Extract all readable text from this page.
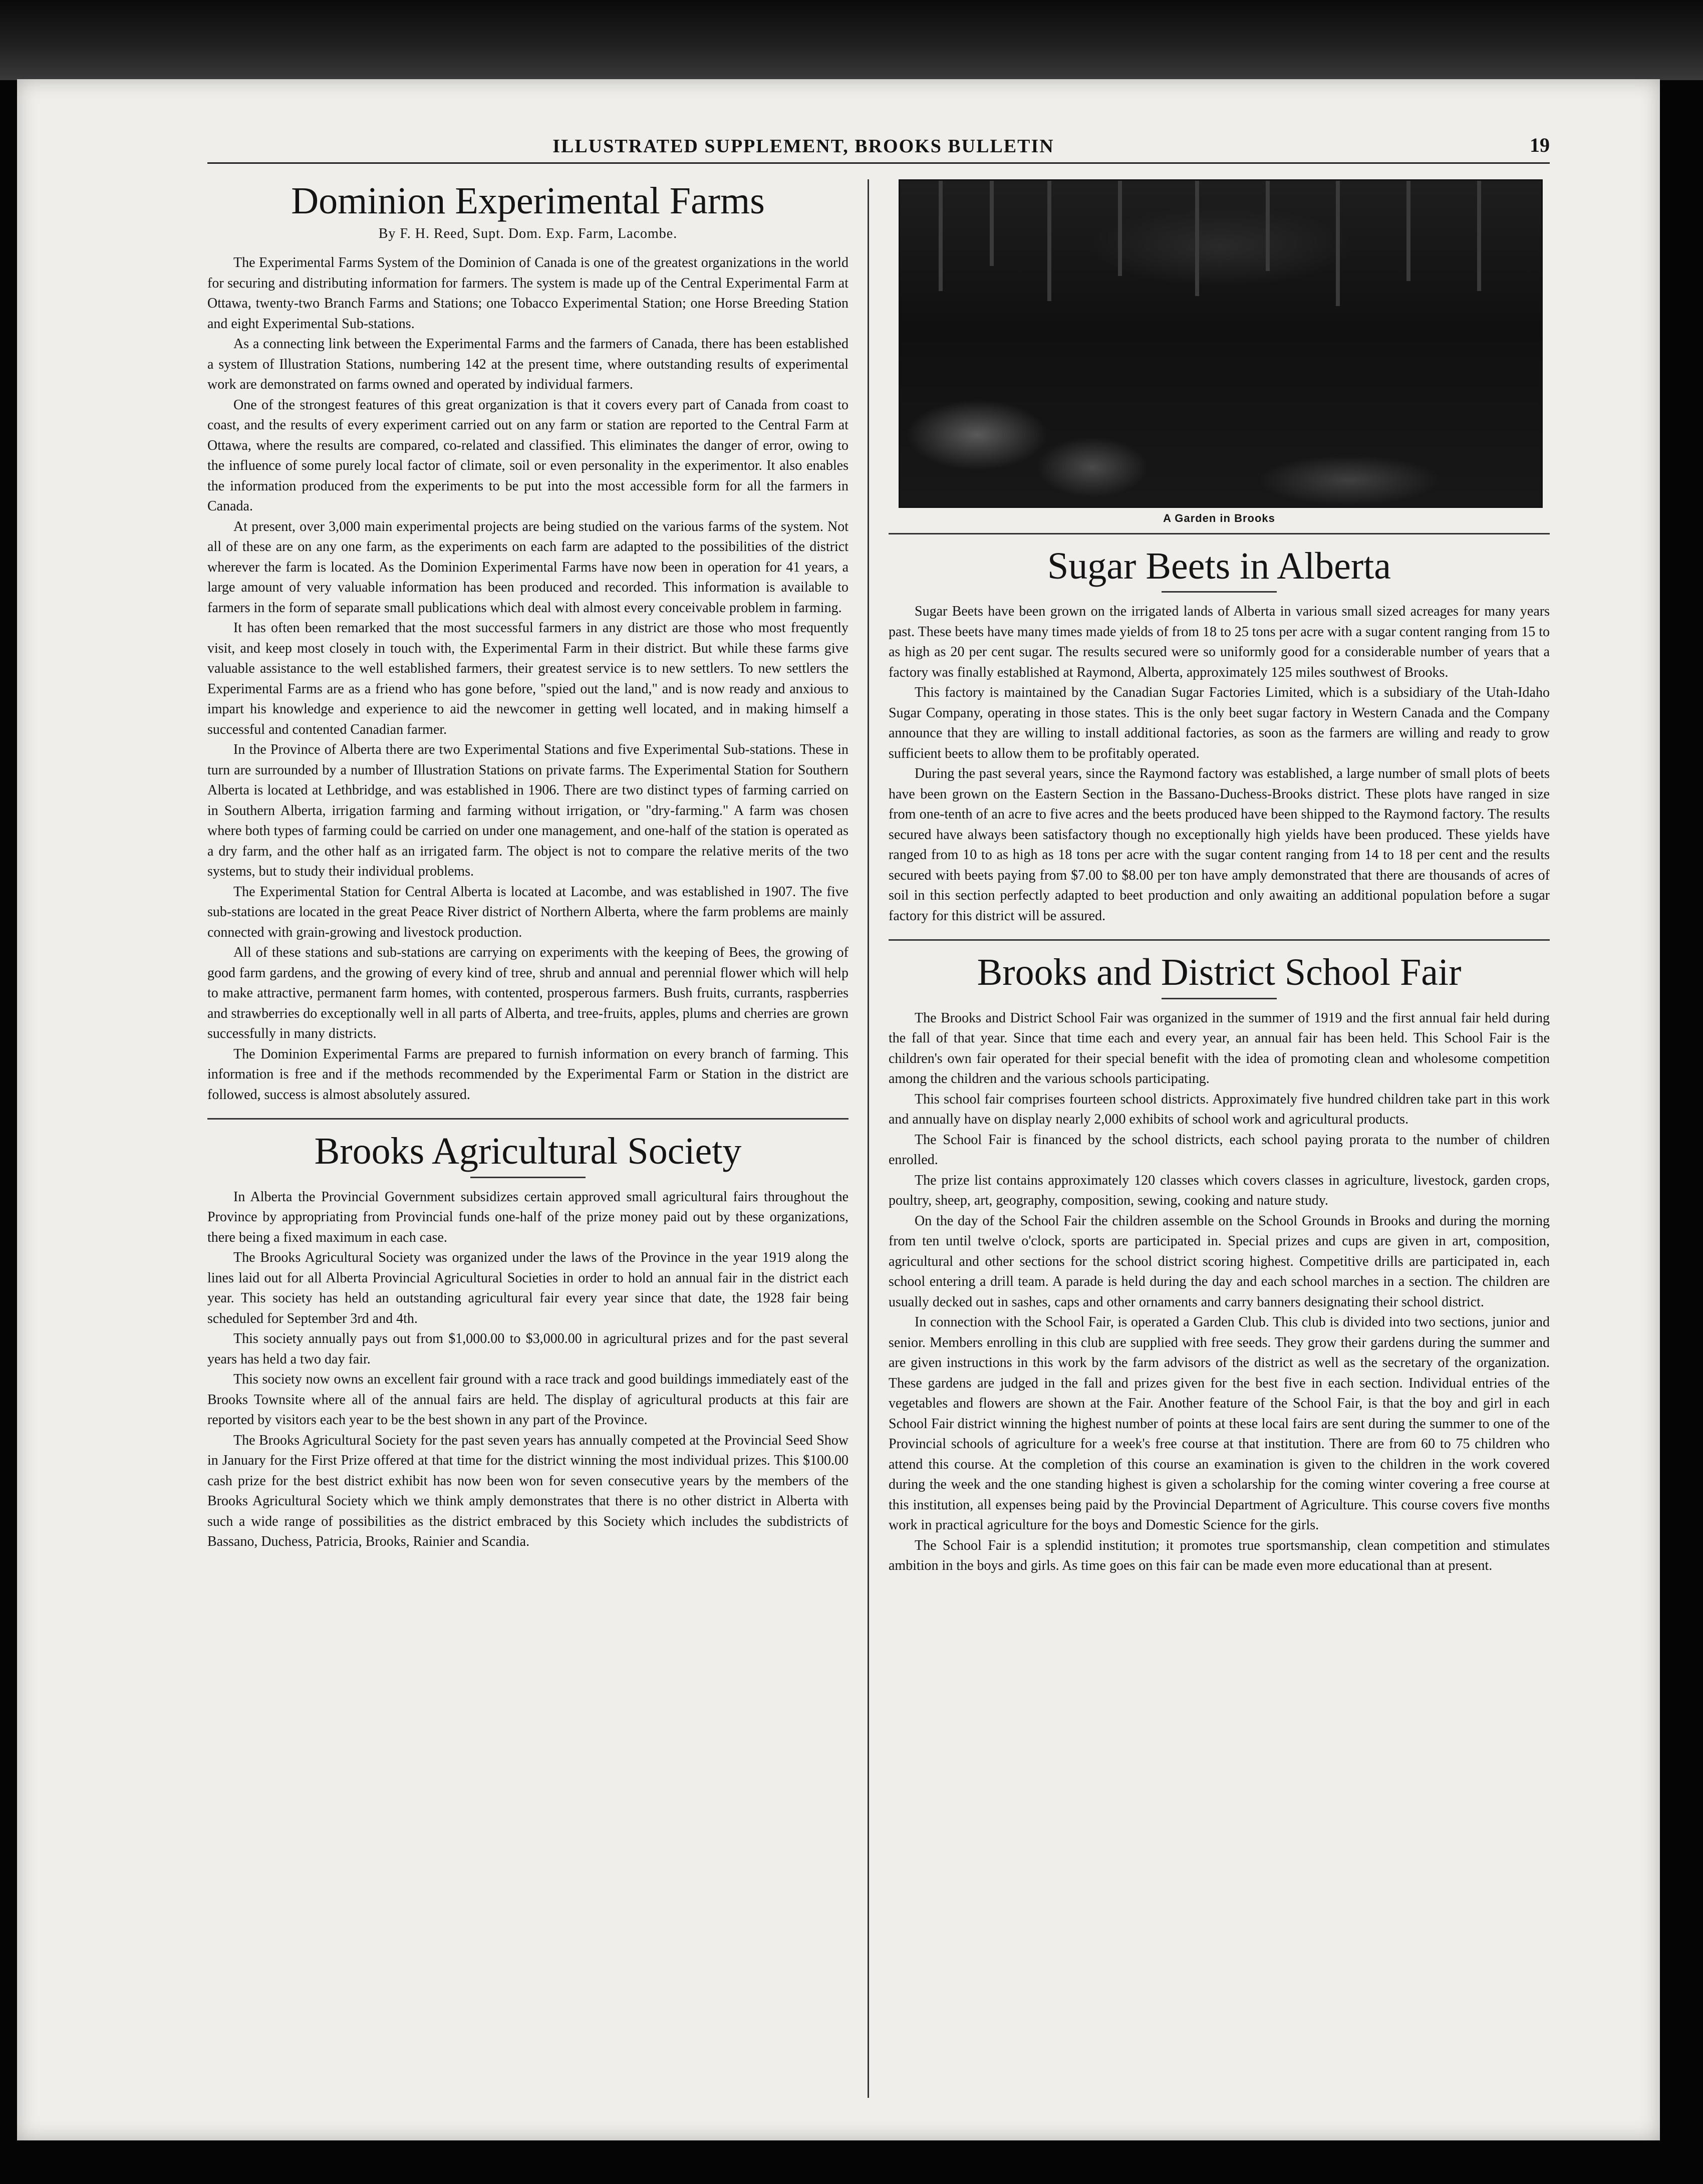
ILLUSTRATED SUPPLEMENT, BROOKS BULLETIN	19
Dominion Experimental Farms
By F. H. Reed, Supt. Dom. Exp. Farm, Lacombe.

The Experimental Farms System of the Dominion of Canada is one of the greatest organizations in the world for securing and distributing information for farmers. The system is made up of the Central Experimental Farm at Ottawa, twenty-two Branch Farms and Stations; one Tobacco Experimental Station; one Horse Breeding Station and eight Experimental Sub-stations.

As a connecting link between the Experimental Farms and the farmers of Canada, there has been established a system of Illustration Stations, numbering 142 at the present time, where outstanding results of experimental work are demonstrated on farms owned and operated by individual farmers.

One of the strongest features of this great organization is that it covers every part of Canada from coast to coast, and the results of every experiment carried out on any farm or station are reported to the Central Farm at Ottawa, where the results are compared, co-related and classified. This eliminates the danger of error, owing to the influence of some purely local factor of climate, soil or even personality in the experimentor. It also enables the information produced from the experiments to be put into the most accessible form for all the farmers in Canada.

At present, over 3,000 main experimental projects are being studied on the various farms of the system. Not all of these are on any one farm, as the experiments on each farm are adapted to the possibilities of the district wherever the farm is located. As the Dominion Experimental Farms have now been in operation for 41 years, a large amount of very valuable information has been produced and recorded. This information is available to farmers in the form of separate small publications which deal with almost every conceivable problem in farming.

It has often been remarked that the most successful farmers in any district are those who most frequently visit, and keep most closely in touch with, the Experimental Farm in their district. But while these farms give valuable assistance to the well established farmers, their greatest service is to new settlers. To new settlers the Experimental Farms are as a friend who has gone before, "spied out the land," and is now ready and anxious to impart his knowledge and experience to aid the newcomer in getting well located, and in making himself a successful and contented Canadian farmer.

In the Province of Alberta there are two Experimental Stations and five Experimental Sub-stations. These in turn are surrounded by a number of Illustration Stations on private farms. The Experimental Station for Southern Alberta is located at Lethbridge, and was established in 1906. There are two distinct types of farming carried on in Southern Alberta, irrigation farming and farming without irrigation, or "dry-farming." A farm was chosen where both types of farming could be carried on under one management, and one-half of the station is operated as a dry farm, and the other half as an irrigated farm. The object is not to compare the relative merits of the two systems, but to study their individual problems.

The Experimental Station for Central Alberta is located at Lacombe, and was established in 1907. The five sub-stations are located in the great Peace River district of Northern Alberta, where the farm problems are mainly connected with grain-growing and livestock production.

All of these stations and sub-stations are carrying on experiments with the keeping of Bees, the growing of good farm gardens, and the growing of every kind of tree, shrub and annual and perennial flower which will help to make attractive, permanent farm homes, with contented, prosperous farmers. Bush fruits, currants, raspberries and strawberries do exceptionally well in all parts of Alberta, and tree-fruits, apples, plums and cherries are grown successfully in many districts.

The Dominion Experimental Farms are prepared to furnish information on every branch of farming. This information is free and if the methods recommended by the Experimental Farm or Station in the district are followed, success is almost absolutely assured.

Brooks Agricultural Society

In Alberta the Provincial Government subsidizes certain approved small agricultural fairs throughout the Province by appropriating from Provincial funds one-half of the prize money paid out by these organizations, there being a fixed maximum in each case.

The Brooks Agricultural Society was organized under the laws of the Province in the year 1919 along the lines laid out for all Alberta Provincial Agricultural Societies in order to hold an annual fair in the district each year. This society has held an outstanding agricultural fair every year since that date, the 1928 fair being scheduled for September 3rd and 4th.

This society annually pays out from $1,000.00 to $3,000.00 in agricultural prizes and for the past several years has held a two day fair.

This society now owns an excellent fair ground with a race track and good buildings immediately east of the Brooks Townsite where all of the annual fairs are held. The display of agricultural products at this fair are reported by visitors each year to be the best shown in any part of the Province.

The Brooks Agricultural Society for the past seven years has annually competed at the Provincial Seed Show in January for the First Prize offered at that time for the district winning the most individual prizes. This $100.00 cash prize for the best district exhibit has now been won for seven consecutive years by the members of the Brooks Agricultural Society which we think amply demonstrates that there is no other district in Alberta with such a wide range of possibilities as the district embraced by this Society which includes the subdistricts of Bassano, Duchess, Patricia, Brooks, Rainier and Scandia.

A Garden in Brooks
Sugar Beets in Alberta

Sugar Beets have been grown on the irrigated lands of Alberta in various small sized acreages for many years past. These beets have many times made yields of from 18 to 25 tons per acre with a sugar content ranging from 15 to as high as 20 per cent sugar. The results secured were so uniformly good for a considerable number of years that a factory was finally established at Raymond, Alberta, approximately 125 miles southwest of Brooks.

This factory is maintained by the Canadian Sugar Factories Limited, which is a subsidiary of the Utah-Idaho Sugar Company, operating in those states. This is the only beet sugar factory in Western Canada and the Company announce that they are willing to install additional factories, as soon as the farmers are willing and ready to grow sufficient beets to allow them to be profitably operated.

During the past several years, since the Raymond factory was established, a large number of small plots of beets have been grown on the Eastern Section in the Bassano-Duchess-Brooks district. These plots have ranged in size from one-tenth of an acre to five acres and the beets produced have been shipped to the Raymond factory. The results secured have always been satisfactory though no exceptionally high yields have been produced. These yields have ranged from 10 to as high as 18 tons per acre with the sugar content ranging from 14 to 18 per cent and the results secured with beets paying from $7.00 to $8.00 per ton have amply demonstrated that there are thousands of acres of soil in this section perfectly adapted to beet production and only awaiting an additional population before a sugar factory for this district will be assured.

Brooks and District School Fair

The Brooks and District School Fair was organized in the summer of 1919 and the first annual fair held during the fall of that year. Since that time each and every year, an annual fair has been held. This School Fair is the children's own fair operated for their special benefit with the idea of promoting clean and wholesome competition among the children and the various schools participating.

This school fair comprises fourteen school districts. Approximately five hundred children take part in this work and annually have on display nearly 2,000 exhibits of school work and agricultural products.

The School Fair is financed by the school districts, each school paying prorata to the number of children enrolled.

The prize list contains approximately 120 classes which covers classes in agriculture, livestock, garden crops, poultry, sheep, art, geography, composition, sewing, cooking and nature study.

On the day of the School Fair the children assemble on the School Grounds in Brooks and during the morning from ten until twelve o'clock, sports are participated in. Special prizes and cups are given in art, composition, agricultural and other sections for the school district scoring highest. Competitive drills are participated in, each school entering a drill team. A parade is held during the day and each school marches in a section. The children are usually decked out in sashes, caps and other ornaments and carry banners designating their school district.

In connection with the School Fair, is operated a Garden Club. This club is divided into two sections, junior and senior. Members enrolling in this club are supplied with free seeds. They grow their gardens during the summer and are given instructions in this work by the farm advisors of the district as well as the secretary of the organization. These gardens are judged in the fall and prizes given for the best five in each section. Individual entries of the vegetables and flowers are shown at the Fair. Another feature of the School Fair, is that the boy and girl in each School Fair district winning the highest number of points at these local fairs are sent during the summer to one of the Provincial schools of agriculture for a week's free course at that institution. There are from 60 to 75 children who attend this course. At the completion of this course an examination is given to the children in the work covered during the week and the one standing highest is given a scholarship for the coming winter covering a free course at this institution, all expenses being paid by the Provincial Department of Agriculture. This course covers five months work in practical agriculture for the boys and Domestic Science for the girls.

The School Fair is a splendid institution; it promotes true sportsmanship, clean competition and stimulates ambition in the boys and girls. As time goes on this fair can be made even more educational than at present.
